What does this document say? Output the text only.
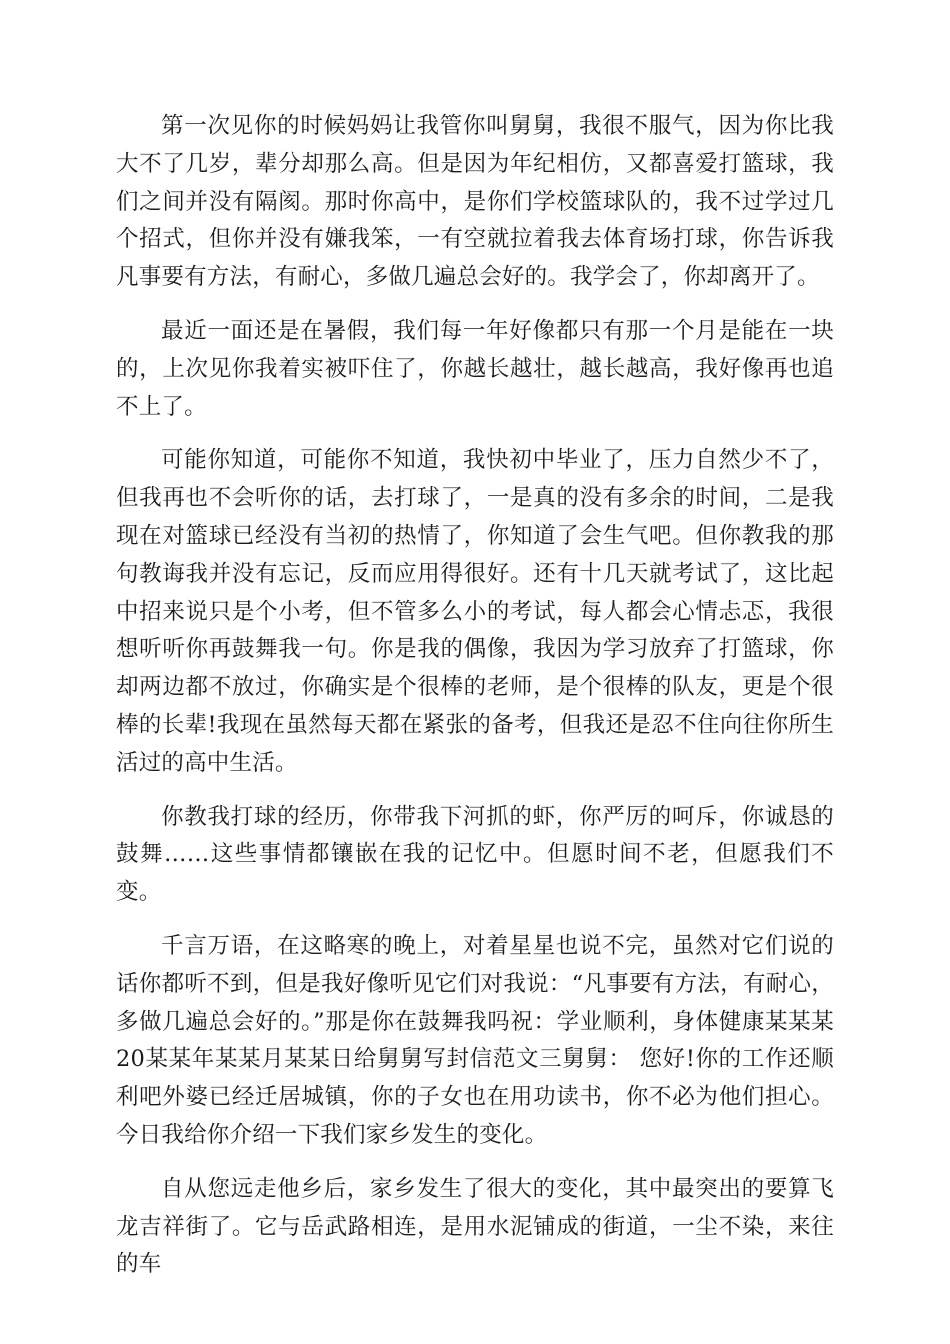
第一次见你的时候妈妈让我管你叫舅舅，我很不服气，因为你比我大不了几岁，辈分却那么高。但是因为年纪相仿，又都喜爱打篮球，我们之间并没有隔阂。那时你高中，是你们学校篮球队的，我不过学过几个招式，但你并没有嫌我笨，一有空就拉着我去体育场打球，你告诉我凡事要有方法，有耐心，多做几遍总会好的。我学会了，你却离开了。

最近一面还是在暑假，我们每一年好像都只有那一个月是能在一块的，上次见你我着实被吓住了，你越长越壮，越长越高，我好像再也追不上了。

可能你知道，可能你不知道，我快初中毕业了，压力自然少不了，但我再也不会听你的话，去打球了，一是真的没有多余的时间，二是我现在对篮球已经没有当初的热情了，你知道了会生气吧。但你教我的那句教诲我并没有忘记，反而应用得很好。还有十几天就考试了，这比起中招来说只是个小考，但不管多么小的考试，每人都会心情忐忑，我很想听听你再鼓舞我一句。你是我的偶像，我因为学习放弃了打篮球，你却两边都不放过，你确实是个很棒的老师，是个很棒的队友，更是个很棒的长辈!我现在虽然每天都在紧张的备考，但我还是忍不住向往你所生活过的高中生活。

你教我打球的经历，你带我下河抓的虾，你严厉的呵斥，你诚恳的鼓舞……这些事情都镶嵌在我的记忆中。但愿时间不老，但愿我们不变。

千言万语，在这略寒的晚上，对着星星也说不完，虽然对它们说的话你都听不到，但是我好像听见它们对我说：“凡事要有方法，有耐心，多做几遍总会好的。”那是你在鼓舞我吗祝：学业顺利，身体健康某某某20某某年某某月某某日给舅舅写封信范文三舅舅： 您好!你的工作还顺利吧外婆已经迁居城镇，你的子女也在用功读书，你不必为他们担心。今日我给你介绍一下我们家乡发生的变化。

自从您远走他乡后，家乡发生了很大的变化，其中最突出的要算飞龙吉祥街了。它与岳武路相连，是用水泥铺成的街道，一尘不染，来往的车
